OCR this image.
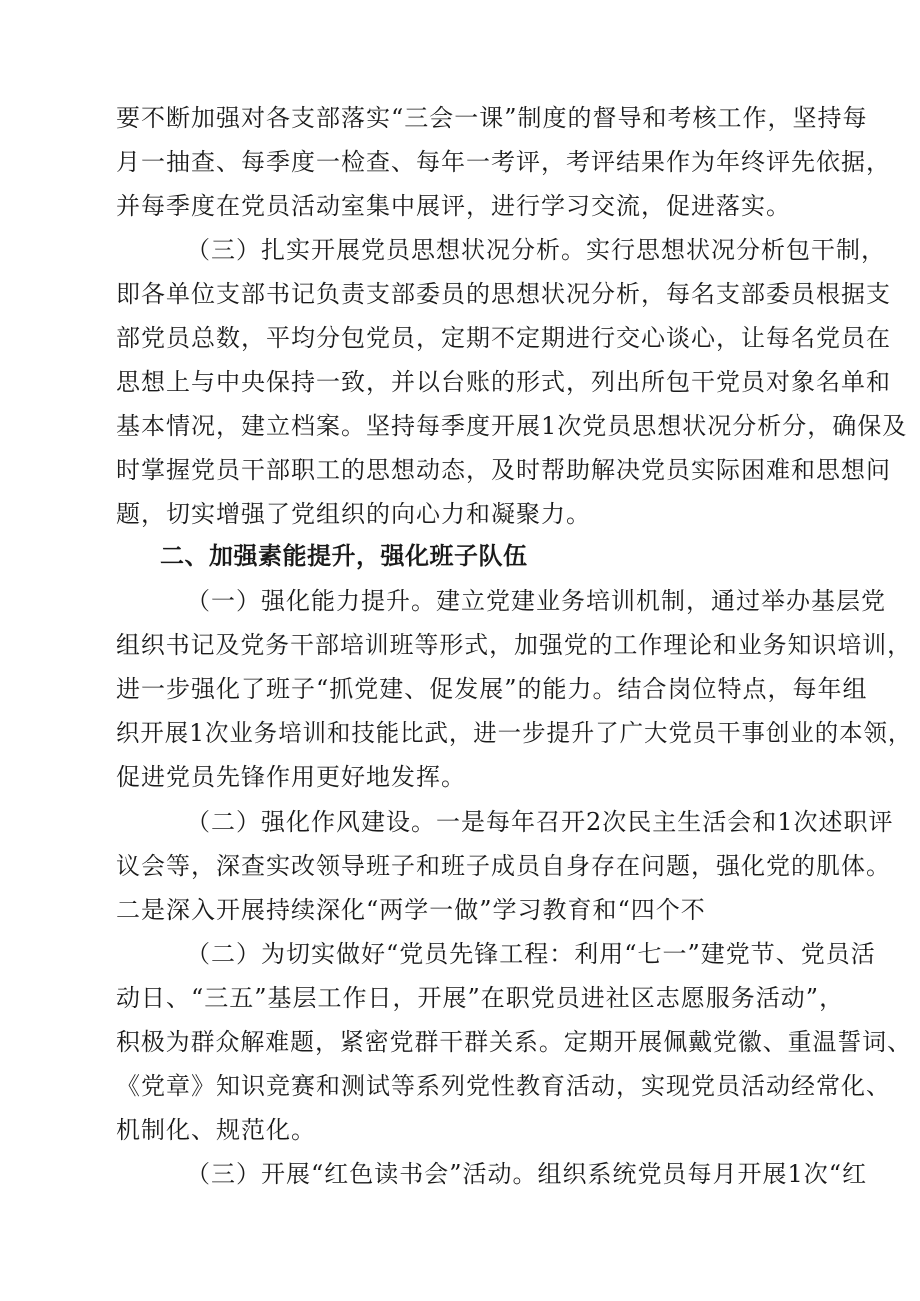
要不断加强对各支部落实“三会一课”制度的督导和考核工作，坚持每
月一抽查、每季度一检查、每年一考评，考评结果作为年终评先依据，
并每季度在党员活动室集中展评，进行学习交流，促进落实。
（三）扎实开展党员思想状况分析。实行思想状况分析包干制，
即各单位支部书记负责支部委员的思想状况分析，每名支部委员根据支
部党员总数，平均分包党员，定期不定期进行交心谈心，让每名党员在
思想上与中央保持一致，并以台账的形式，列出所包干党员对象名单和
基本情况，建立档案。坚持每季度开展1次党员思想状况分析分，确保及
时掌握党员干部职工的思想动态，及时帮助解决党员实际困难和思想问
题，切实增强了党组织的向心力和凝聚力。
二、加强素能提升，强化班子队伍
（一）强化能力提升。建立党建业务培训机制，通过举办基层党
组织书记及党务干部培训班等形式，加强党的工作理论和业务知识培训，
进一步强化了班子“抓党建、促发展”的能力。结合岗位特点，每年组
织开展1次业务培训和技能比武，进一步提升了广大党员干事创业的本领，
促进党员先锋作用更好地发挥。
（二）强化作风建设。一是每年召开2次民主生活会和1次述职评
议会等，深查实改领导班子和班子成员自身存在问题，强化党的肌体。
二是深入开展持续深化“两学一做”学习教育和“四个不
（二）为切实做好“党员先锋工程：利用“七一”建党节、党员活
动日、“三五”基层工作日，开展”在职党员进社区志愿服务活动”，
积极为群众解难题，紧密党群干群关系。定期开展佩戴党徽、重温誓词、
《党章》知识竞赛和测试等系列党性教育活动，实现党员活动经常化、
机制化、规范化。
（三）开展“红色读书会”活动。组织系统党员每月开展1次“红
